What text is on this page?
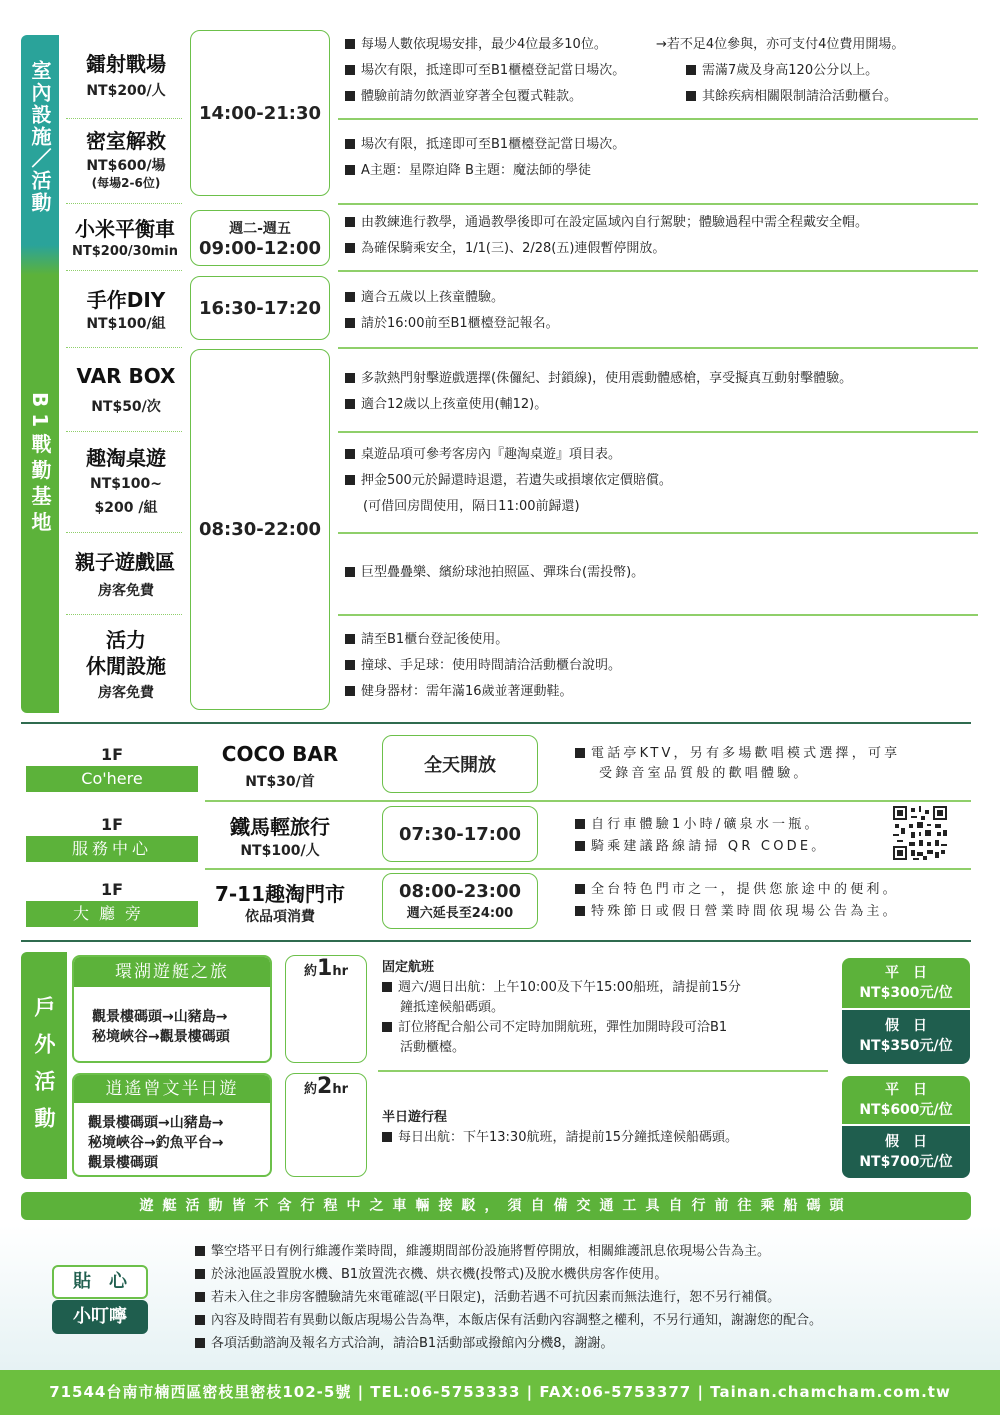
室內設施／活動
B1戰勤基地
鐳射戰場
NT$200/人
密室解救
NT$600/場
(每場2-6位)
小米平衡車
NT$200/30min
手作DIY
NT$100/組
VAR BOX
NT$50/次
趣淘桌遊
NT$100~
$200 /組
親子遊戲區
房客免費
活力
休閒設施
房客免費
14:00-21:30
週二-週五
09:00-12:00
16:30-17:20
08:30-22:00
每場人數依現場安排，最少4位最多10位。
場次有限，抵達即可至B1櫃檯登記當日場次。
體驗前請勿飲酒並穿著全包覆式鞋款。
→若不足4位參與，亦可支付4位費用開場。
需滿7歲及身高120公分以上。
其餘疾病相關限制請洽活動櫃台。
場次有限，抵達即可至B1櫃檯登記當日場次。
A主題：星際迫降 B主題：魔法師的學徒
由教練進行教學，通過教學後即可在設定區域內自行駕駛；體驗過程中需全程戴安全帽。
為確保騎乘安全，1/1(三)、2/28(五)連假暫停開放。
適合五歲以上孩童體驗。
請於16:00前至B1櫃檯登記報名。
多款熱門射擊遊戲選擇(侏儸紀、封鎖線)，使用震動體感槍，享受擬真互動射擊體驗。
適合12歲以上孩童使用(輔12)。
桌遊品項可參考客房內『趣淘桌遊』項目表。
押金500元於歸還時退還，若遺失或損壞依定價賠償。
(可借回房間使用，隔日11:00前歸還)
巨型疊疊樂、繽紛球池拍照區、彈珠台(需投幣)。
請至B1櫃台登記後使用。
撞球、手足球：使用時間請洽活動櫃台說明。
健身器材：需年滿16歲並著運動鞋。
1F
Co'here
COCO BAR
NT$30/首
全天開放
電話亭KTV，另有多場歡唱模式選擇，可享
受錄音室品質般的歡唱體驗。
1F
服務中心
鐵馬輕旅行
NT$100/人
07:30-17:00	自行車體驗1小時/礦泉水一瓶。
騎乘建議路線請掃 QR CODE。
1F
大廳旁
7-11趣淘門市
依品項消費
08:00-23:00
週六延長至24:00
全台特色門市之一，提供您旅途中的便利。
特殊節日或假日營業時間依現場公告為主。
戶外活動
環湖遊艇之旅
觀景樓碼頭→山豬島→
秘境峽谷→觀景樓碼頭
約 1 hr	固定航班
週六/週日出航：上午10:00及下午15:00船班，請提前15分
鐘抵達候船碼頭。
訂位將配合船公司不定時加開航班，彈性加開時段可洽B1
活動櫃檯。
平　日
NT$300元/位
假　日
NT$350元/位
逍遙曾文半日遊
觀景樓碼頭→山豬島→
秘境峽谷→釣魚平台→
觀景樓碼頭
約 2 hr
半日遊行程
每日出航：下午13:30航班，請提前15分鐘抵達候船碼頭。
平　日
NT$600元/位
假　日
NT$700元/位
遊艇活動皆不含行程中之車輛接駁，須自備交通工具自行前往乘船碼頭
貼　心
小叮嚀
擎空塔平日有例行維護作業時間，維護期間部份設施將暫停開放，相關維護訊息依現場公告為主。
於泳池區設置脫水機、B1放置洗衣機、烘衣機(投幣式)及脫水機供房客作使用。
若未入住之非房客體驗請先來電確認(平日限定)，活動若遇不可抗因素而無法進行，恕不另行補償。
內容及時間若有異動以飯店現場公告為準，本飯店保有活動內容調整之權利，不另行通知，謝謝您的配合。
各項活動諮詢及報名方式洽詢，請洽B1活動部或撥館內分機8，謝謝。
71544台南市楠西區密枝里密枝102-5號 | TEL:06-5753333 | FAX:06-5753377 | Tainan.chamcham.com.tw
